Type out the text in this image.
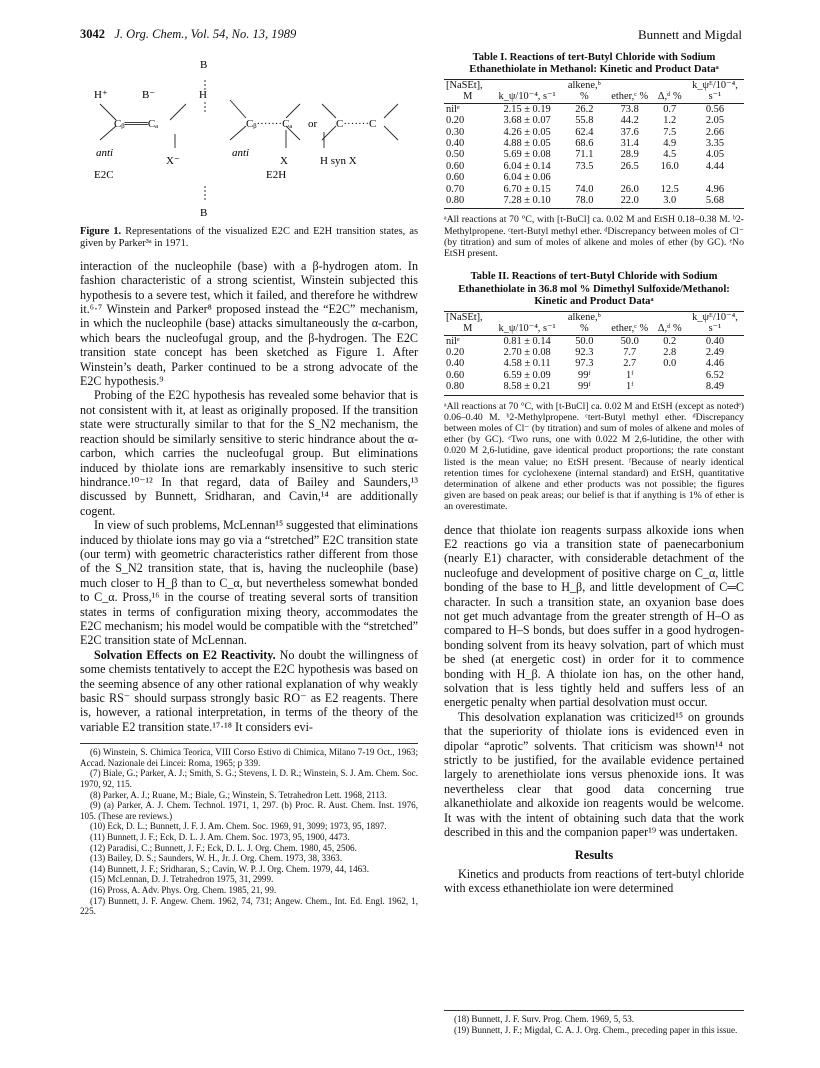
3042 J. Org. Chem., Vol. 54, No. 13, 1989	Bunnett and Migdal
B
H⁺	B⁻	H
Cᵦ═══Cₐ	Cᵦ·······Cₐ or C·······C
anti	anti
X⁻	X	H syn X
E2C	E2H
B
Figure 1. Representations of the visualized E2C and E2H transition states, as given by Parker³ᵃ in 1971.

interaction of the nucleophile (base) with a β-hydrogen atom. In fashion characteristic of a strong scientist, Winstein subjected this hypothesis to a severe test, which it failed, and therefore he withdrew it.⁶·⁷ Winstein and Parker⁸ proposed instead the “E2C” mechanism, in which the nucleophile (base) attacks simultaneously the α-carbon, which bears the nucleofugal group, and the β-hydrogen. The E2C transition state concept has been sketched as Figure 1. After Winstein’s death, Parker continued to be a strong advocate of the E2C hypothesis.⁹

Probing of the E2C hypothesis has revealed some behavior that is not consistent with it, at least as originally proposed. If the transition state were structurally similar to that for the S_N2 mechanism, the reaction should be similarly sensitive to steric hindrance about the α-carbon, which carries the nucleofugal group. But eliminations induced by thiolate ions are remarkably insensitive to such steric hindrance.¹⁰⁻¹² In that regard, data of Bailey and Saunders,¹³ discussed by Bunnett, Sridharan, and Cavin,¹⁴ are additionally cogent.

In view of such problems, McLennan¹⁵ suggested that eliminations induced by thiolate ions may go via a “stretched” E2C transition state (our term) with geometric characteristics rather different from those of the S_N2 transition state, that is, having the nucleophile (base) much closer to H_β than to C_α, but nevertheless somewhat bonded to C_α. Pross,¹⁶ in the course of treating several sorts of transition states in terms of configuration mixing theory, accommodates the E2C mechanism; his model would be compatible with the “stretched” E2C transition state of McLennan.

Solvation Effects on E2 Reactivity. No doubt the willingness of some chemists tentatively to accept the E2C hypothesis was based on the seeming absence of any other rational explanation of why weakly basic RS⁻ should surpass strongly basic RO⁻ as E2 reagents. There is, however, a rational interpretation, in terms of the theory of the variable E2 transition state.¹⁷·¹⁸ It considers evi-

(6) Winstein, S. Chimica Teorica, VIII Corso Estivo di Chimica, Milano 7-19 Oct., 1963; Accad. Nazionale dei Lincei: Roma, 1965; p 339.
(7) Biale, G.; Parker, A. J.; Smith, S. G.; Stevens, I. D. R.; Winstein, S. J. Am. Chem. Soc. 1970, 92, 115.
(8) Parker, A. J.; Ruane, M.; Biale, G.; Winstein, S. Tetrahedron Lett. 1968, 2113.
(9) (a) Parker, A. J. Chem. Technol. 1971, 1, 297. (b) Proc. R. Aust. Chem. Inst. 1976, 105. (These are reviews.)
(10) Eck, D. L.; Bunnett, J. F. J. Am. Chem. Soc. 1969, 91, 3099; 1973, 95, 1897.
(11) Bunnett, J. F.; Eck, D. L. J. Am. Chem. Soc. 1973, 95, 1900, 4473.
(12) Paradisi, C.; Bunnett, J. F.; Eck, D. L. J. Org. Chem. 1980, 45, 2506.
(13) Bailey, D. S.; Saunders, W. H., Jr. J. Org. Chem. 1973, 38, 3363.
(14) Bunnett, J. F.; Sridharan, S.; Cavin, W. P. J. Org. Chem. 1979, 44, 1463.
(15) McLennan, D. J. Tetrahedron 1975, 31, 2999.
(16) Pross, A. Adv. Phys. Org. Chem. 1985, 21, 99.
(17) Bunnett, J. F. Angew. Chem. 1962, 74, 731; Angew. Chem., Int. Ed. Engl. 1962, 1, 225.
Table I. Reactions of tert-Butyl Chloride with Sodium Ethanethiolate in Methanol: Kinetic and Product Dataᵃ
[NaSEt],		alkene,ᵇ			k_ψᴱ/10⁻⁴,
M	k_ψ/10⁻⁴, s⁻¹	%	ether,ᶜ %	Δ,ᵈ %	s⁻¹
nilᵉ	2.15 ± 0.19	26.2	73.8	0.7	0.56
0.20	3.68 ± 0.07	55.8	44.2	1.2	2.05
0.30	4.26 ± 0.05	62.4	37.6	7.5	2.66
0.40	4.88 ± 0.05	68.6	31.4	4.9	3.35
0.50	5.69 ± 0.08	71.1	28.9	4.5	4.05
0.60	6.04 ± 0.14	73.5	26.5	16.0	4.44
0.60	6.04 ± 0.06				
0.70	6.70 ± 0.15	74.0	26.0	12.5	4.96
0.80	7.28 ± 0.10	78.0	22.0	3.0	5.68
ᵃAll reactions at 70 °C, with [t-BuCl] ca. 0.02 M and EtSH 0.18–0.38 M. ᵇ2-Methylpropene. ᶜtert-Butyl methyl ether. ᵈDiscrepancy between moles of Cl⁻ (by titration) and sum of moles of alkene and moles of ether (by GC). ᵉNo EtSH present.
Table II. Reactions of tert-Butyl Chloride with Sodium Ethanethiolate in 36.8 mol % Dimethyl Sulfoxide/Methanol: Kinetic and Product Dataᵃ
[NaSEt],		alkene,ᵇ			k_ψᴱ/10⁻⁴,
M	k_ψ/10⁻⁴, s⁻¹	%	ether,ᶜ %	Δ,ᵈ %	s⁻¹
nilᵉ	0.81 ± 0.14	50.0	50.0	0.2	0.40
0.20	2.70 ± 0.08	92.3	7.7	2.8	2.49
0.40	4.58 ± 0.11	97.3	2.7	0.0	4.46
0.60	6.59 ± 0.09	99ᶠ	1ᶠ		6.52
0.80	8.58 ± 0.21	99ᶠ	1ᶠ		8.49
ᵃAll reactions at 70 °C, with [t-BuCl] ca. 0.02 M and EtSH (except as notedᵉ) 0.06–0.40 M. ᵇ2-Methylpropene. ᶜtert-Butyl methyl ether. ᵈDiscrepancy between moles of Cl⁻ (by titration) and sum of moles of alkene and moles of ether (by GC). ᵉTwo runs, one with 0.022 M 2,6-lutidine, the other with 0.020 M 2,6-lutidine, gave identical product proportions; the rate constant listed is the mean value; no EtSH present. ᶠBecause of nearly identical retention times for cyclohexene (internal standard) and EtSH, quantitative determination of alkene and ether products was not possible; the figures given are based on peak areas; our belief is that if anything is 1% of ether is an overestimate.

dence that thiolate ion reagents surpass alkoxide ions when E2 reactions go via a transition state of paenecarbonium (nearly E1) character, with considerable detachment of the nucleofuge and development of positive charge on C_α, little bonding of the base to H_β, and little development of C═C character. In such a transition state, an oxyanion base does not get much advantage from the greater strength of H–O as compared to H–S bonds, but does suffer in a good hydrogen-bonding solvent from its heavy solvation, part of which must be shed (at energetic cost) in order for it to commence bonding with H_β. A thiolate ion has, on the other hand, solvation that is less tightly held and suffers less of an energetic penalty when partial desolvation must occur.

This desolvation explanation was criticized¹⁵ on grounds that the superiority of thiolate ions is evidenced even in dipolar “aprotic” solvents. That criticism was shown¹⁴ not strictly to be justified, for the available evidence pertained largely to arenethiolate ions versus phenoxide ions. It was nevertheless clear that good data concerning true alkanethiolate and alkoxide ion reagents would be welcome. It was with the intent of obtaining such data that the work described in this and the companion paper¹⁹ was undertaken.

Results

Kinetics and products from reactions of tert-butyl chloride with excess ethanethiolate ion were determined

(18) Bunnett, J. F. Surv. Prog. Chem. 1969, 5, 53.
(19) Bunnett, J. F.; Migdal, C. A. J. Org. Chem., preceding paper in this issue.
